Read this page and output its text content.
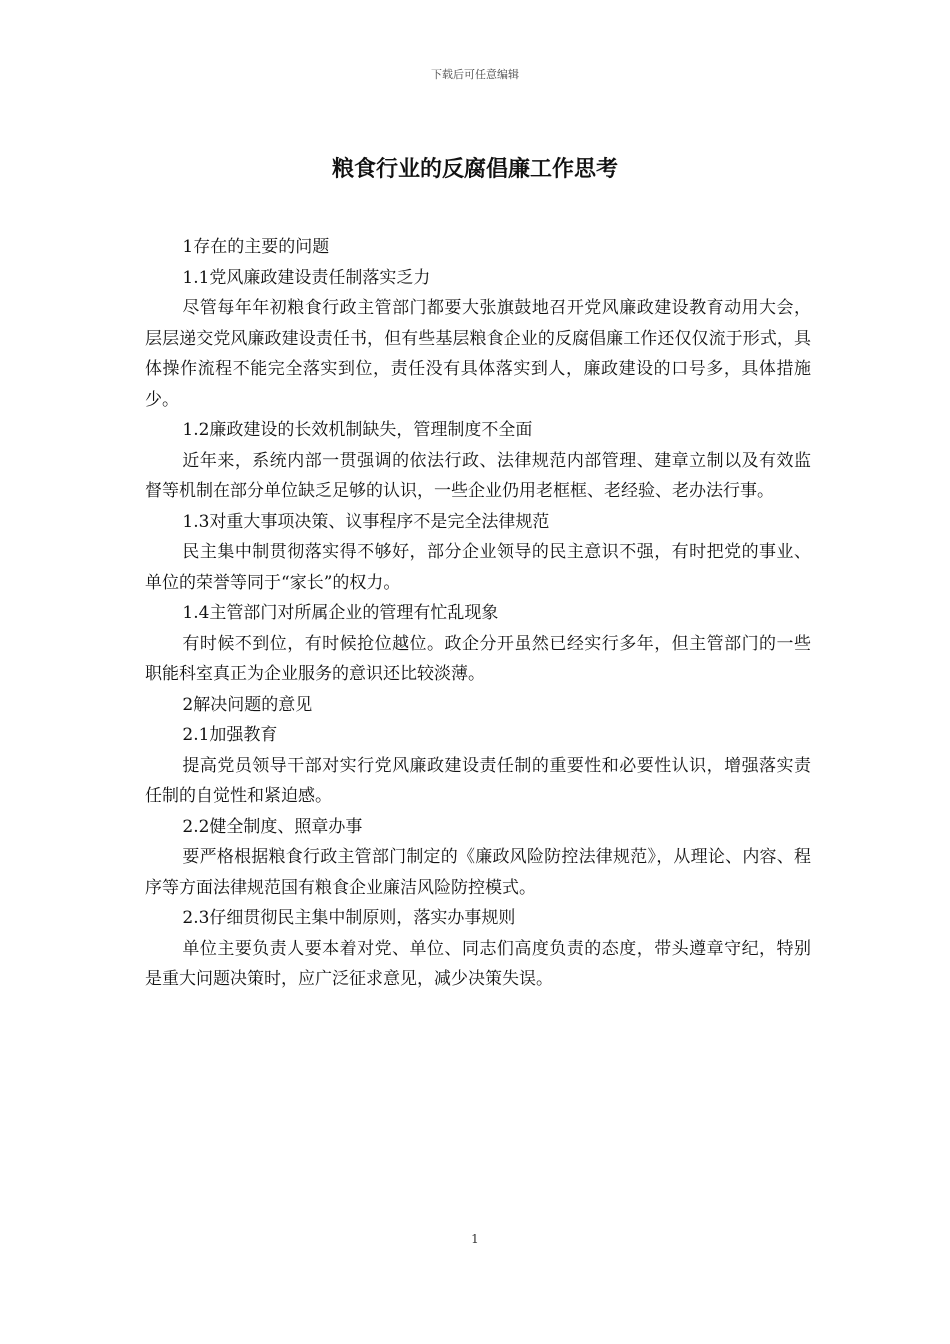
下载后可任意编辑
粮食行业的反腐倡廉工作思考

1存在的主要的问题

1.1党风廉政建设责任制落实乏力

尽管每年年初粮食行政主管部门都要大张旗鼓地召开党风廉政建设教育动用大会，层层递交党风廉政建设责任书，但有些基层粮食企业的反腐倡廉工作还仅仅流于形式，具体操作流程不能完全落实到位，责任没有具体落实到人，廉政建设的口号多，具体措施少。

1.2廉政建设的长效机制缺失，管理制度不全面

近年来，系统内部一贯强调的依法行政、法律规范内部管理、建章立制以及有效监督等机制在部分单位缺乏足够的认识，一些企业仍用老框框、老经验、老办法行事。

1.3对重大事项决策、议事程序不是完全法律规范

民主集中制贯彻落实得不够好，部分企业领导的民主意识不强，有时把党的事业、单位的荣誉等同于“家长”的权力。

1.4主管部门对所属企业的管理有忙乱现象

有时候不到位，有时候抢位越位。政企分开虽然已经实行多年，但主管部门的一些职能科室真正为企业服务的意识还比较淡薄。

2解决问题的意见

2.1加强教育

提高党员领导干部对实行党风廉政建设责任制的重要性和必要性认识，增强落实责任制的自觉性和紧迫感。

2.2健全制度、照章办事

要严格根据粮食行政主管部门制定的《廉政风险防控法律规范》，从理论、内容、程序等方面法律规范国有粮食企业廉洁风险防控模式。

2.3仔细贯彻民主集中制原则，落实办事规则

单位主要负责人要本着对党、单位、同志们高度负责的态度，带头遵章守纪，特别是重大问题决策时，应广泛征求意见，减少决策失误。

1
